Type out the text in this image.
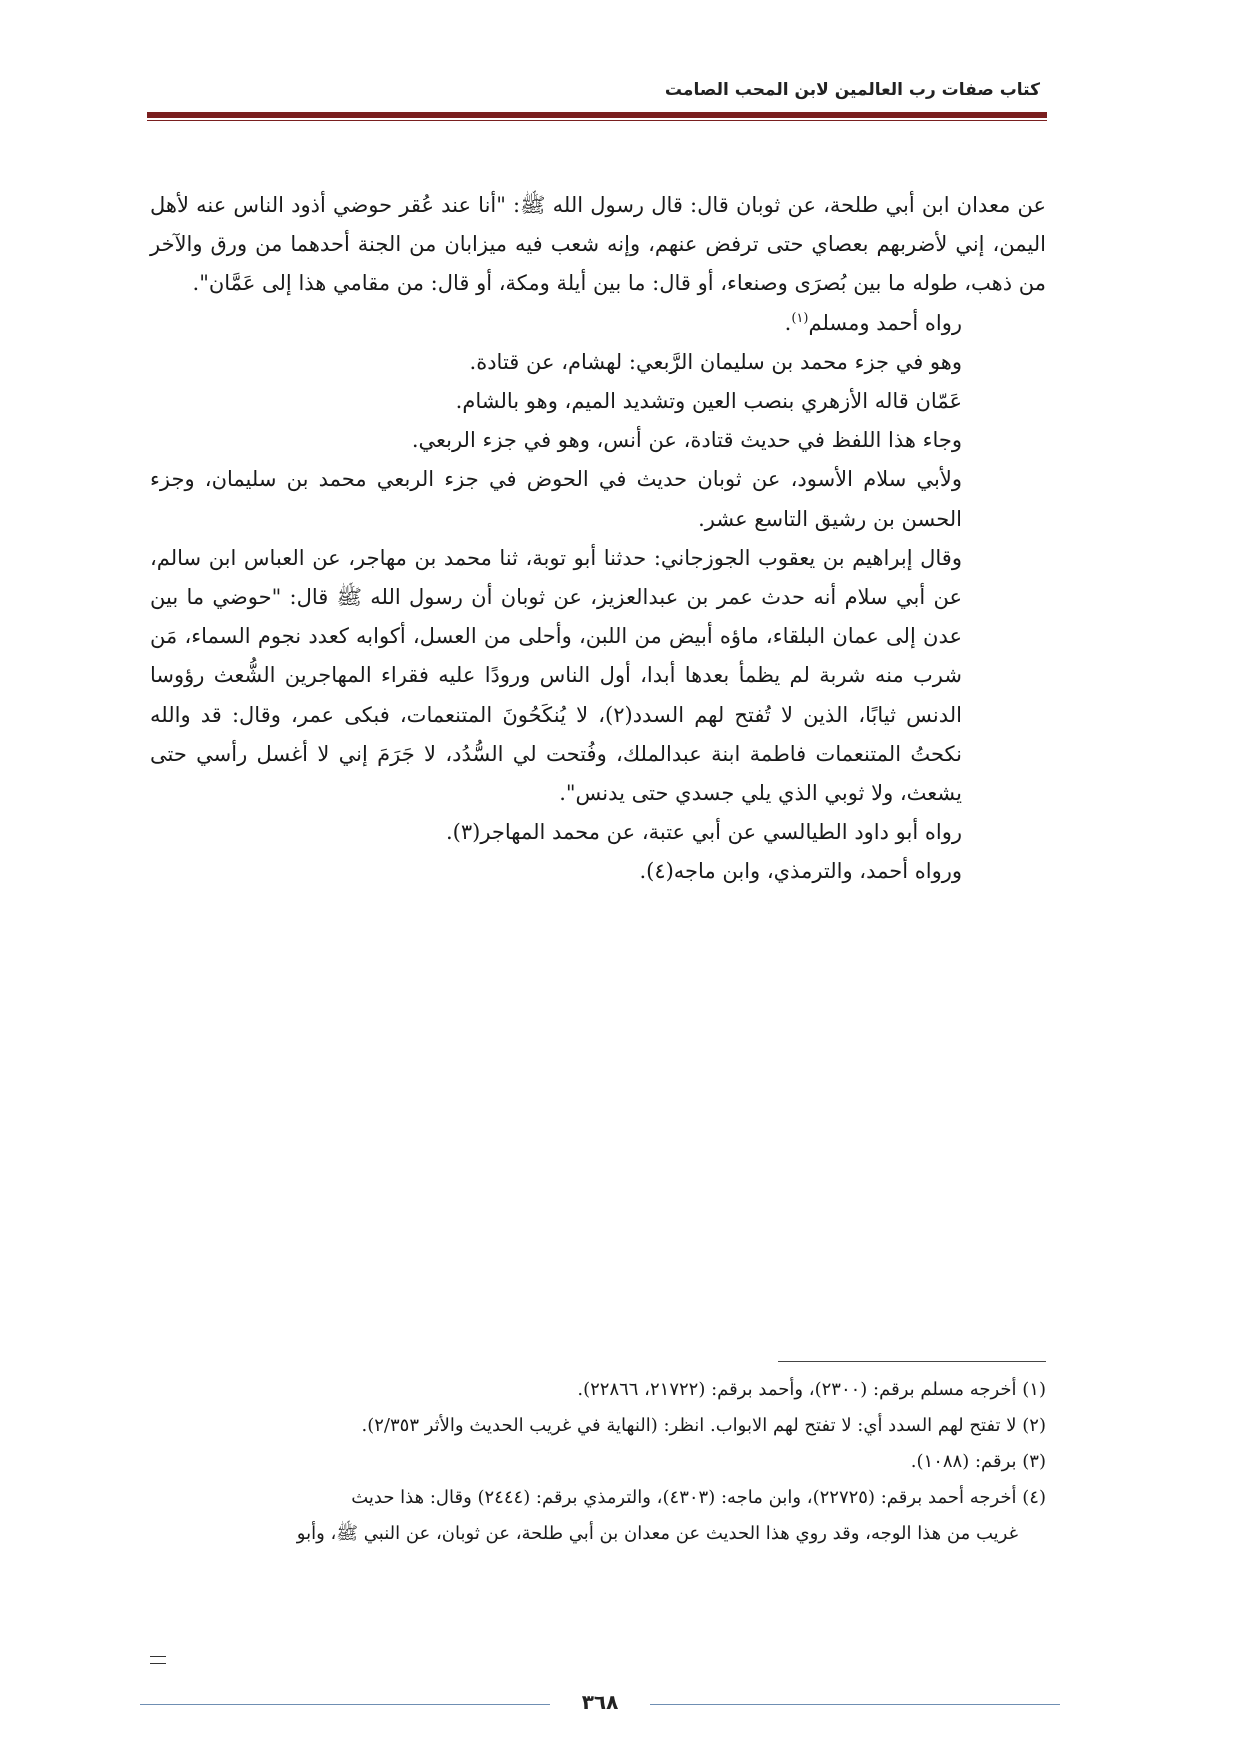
كتاب صفات رب العالمين لابن المحب الصامت

عن معدان ابن أبي طلحة، عن ثوبان قال: قال رسول الله ﷺ: "أنا عند عُقر حوضي أذود الناس عنه لأهل اليمن، إني لأضربهم بعصاي حتى ترفض عنهم، وإنه شعب فيه ميزابان من الجنة أحدهما من ورق والآخر من ذهب، طوله ما بين بُصرَى وصنعاء، أو قال: ما بين أيلة ومكة، أو قال: من مقامي هذا إلى عَمَّان".

رواه أحمد ومسلم$^{(١)}$.

وهو في جزء محمد بن سليمان الرَّبعي: لهشام، عن قتادة.

عَمّان قاله الأزهري بنصب العين وتشديد الميم، وهو بالشام.

وجاء هذا اللفظ في حديث قتادة، عن أنس، وهو في جزء الربعي.

ولأبي سلام الأسود، عن ثوبان حديث في الحوض في جزء الربعي محمد بن سليمان، وجزء الحسن بن رشيق التاسع عشر.

وقال إبراهيم بن يعقوب الجوزجاني: حدثنا أبو توبة، ثنا محمد بن مهاجر، عن العباس ابن سالم، عن أبي سلام أنه حدث عمر بن عبدالعزيز، عن ثوبان أن رسول الله ﷺ قال: "حوضي ما بين عدن إلى عمان البلقاء، ماؤه أبيض من اللبن، وأحلى من العسل، أكوابه كعدد نجوم السماء، مَن شرب منه شربة لم يظمأ بعدها أبدا، أول الناس ورودًا عليه فقراء المهاجرين الشُّعث رؤوسا الدنس ثيابًا، الذين لا تُفتح لهم السدد(٢)، لا يُنكَحُونَ المتنعمات، فبكى عمر، وقال: قد والله نكحتُ المتنعمات فاطمة ابنة عبدالملك، وفُتحت لي السُّدُد، لا جَرَمَ إني لا أغسل رأسي حتى يشعث، ولا ثوبي الذي يلي جسدي حتى يدنس".

رواه أبو داود الطيالسي عن أبي عتبة، عن محمد المهاجر(٣).

ورواه أحمد، والترمذي، وابن ماجه(٤).

(١) أخرجه مسلم برقم: (٢٣٠٠)، وأحمد برقم: (٢١٧٢٢، ٢٢٨٦٦).

(٢) لا تفتح لهم السدد أي: لا تفتح لهم الابواب. انظر: (النهاية في غريب الحديث والأثر ٢/٣٥٣).

(٣) برقم: (١٠٨٨).

(٤) أخرجه أحمد برقم: (٢٢٧٢٥)، وابن ماجه: (٤٣٠٣)، والترمذي برقم: (٢٤٤٤) وقال: هذا حديث

غريب من هذا الوجه، وقد روي هذا الحديث عن معدان بن أبي طلحة، عن ثوبان، عن النبي ﷺ، وأبو

٣٦٨
